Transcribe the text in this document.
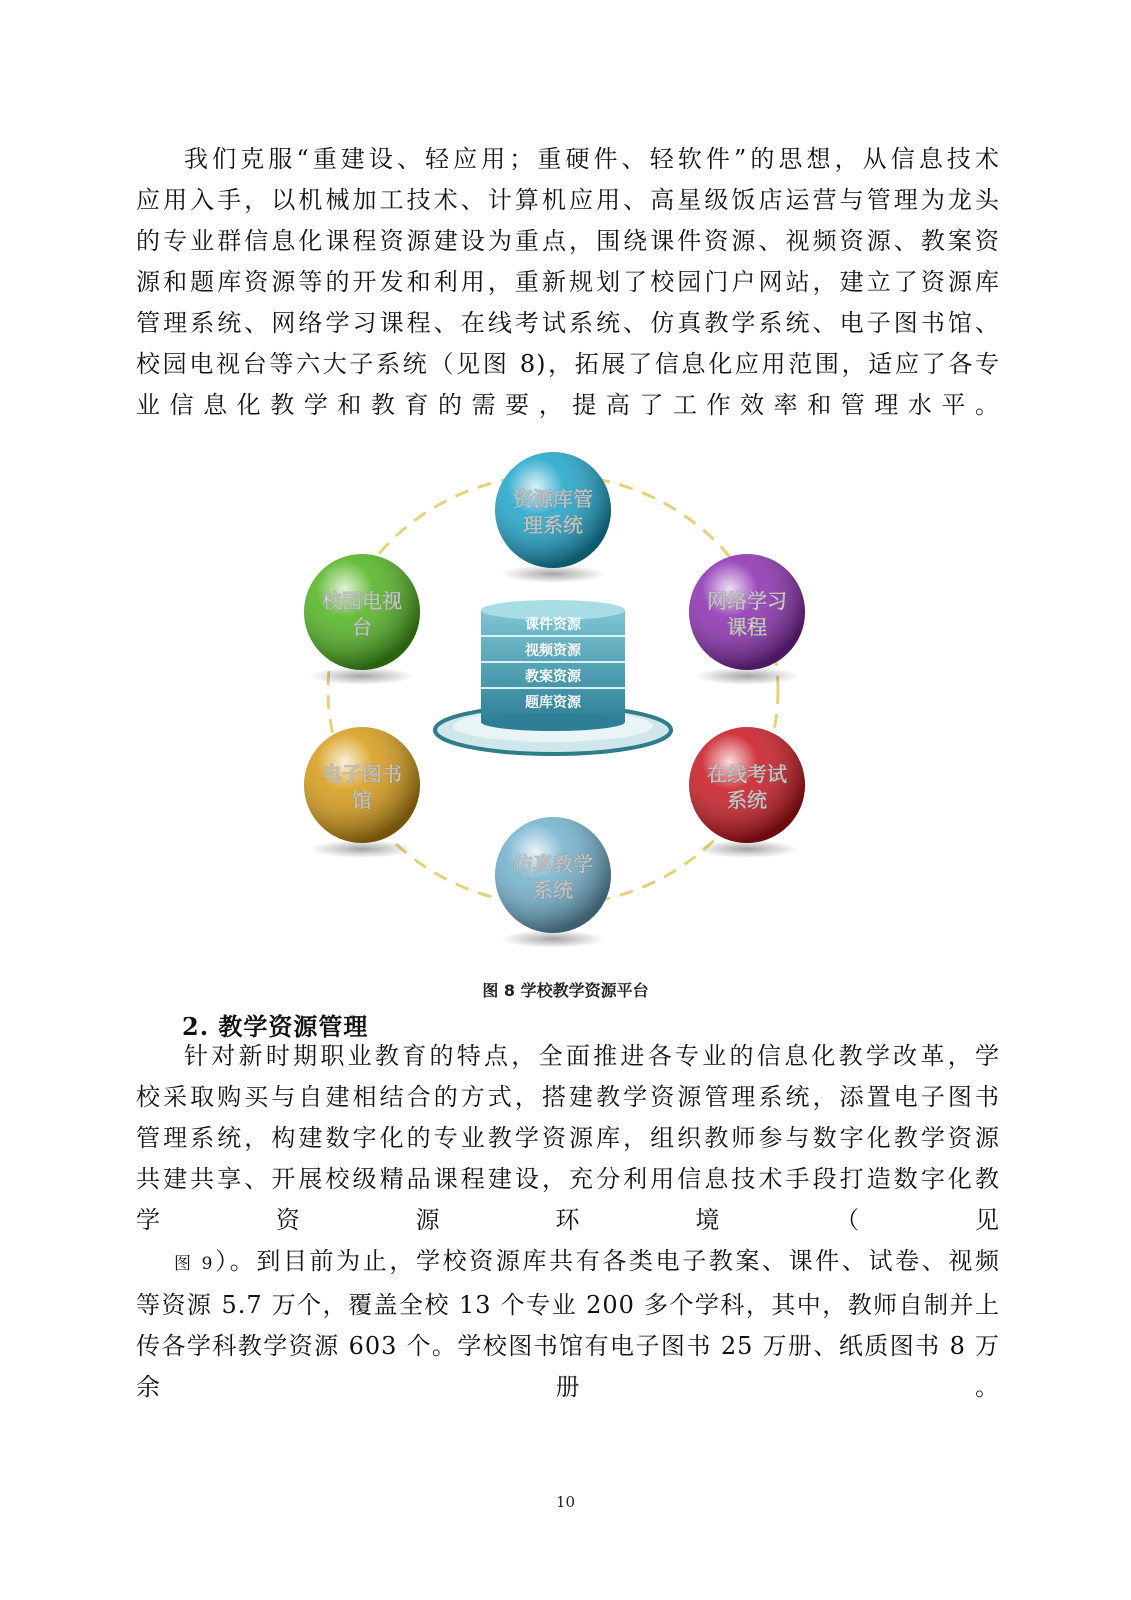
我们克服“重建设、轻应用；重硬件、轻软件”的思想，从信息技术
应用入手，以机械加工技术、计算机应用、高星级饭店运营与管理为龙头
的专业群信息化课程资源建设为重点，围绕课件资源、视频资源、教案资
源和题库资源等的开发和利用，重新规划了校园门户网站，建立了资源库
管理系统、网络学习课程、在线考试系统、仿真教学系统、电子图书馆、
校园电视台等六大子系统（见图 8)，拓展了信息化应用范围，适应了各专
业信息化教学和教育的需要，提高了工作效率和管理水平。
课件资源
视频资源
教案资源
题库资源
资源库管
理系统
网络学习
课程
在线考试
系统
仿真教学
系统
电子图书
馆
校园电视
台
图 8 学校教学资源平台
2. 教学资源管理
针对新时期职业教育的特点，全面推进各专业的信息化教学改革，学
校采取购买与自建相结合的方式，搭建教学资源管理系统，添置电子图书
管理系统，构建数字化的专业教学资源库，组织教师参与数字化教学资源
共建共享、开展校级精品课程建设，充分利用信息技术手段打造数字化教
学资源环境（见
图 9）。到目前为止，学校资源库共有各类电子教案、课件、试卷、视频
等资源 5.7 万个，覆盖全校 13 个专业 200 多个学科，其中，教师自制并上
传各学科教学资源 603 个。学校图书馆有电子图书 25 万册、纸质图书 8 万
余册。
10
